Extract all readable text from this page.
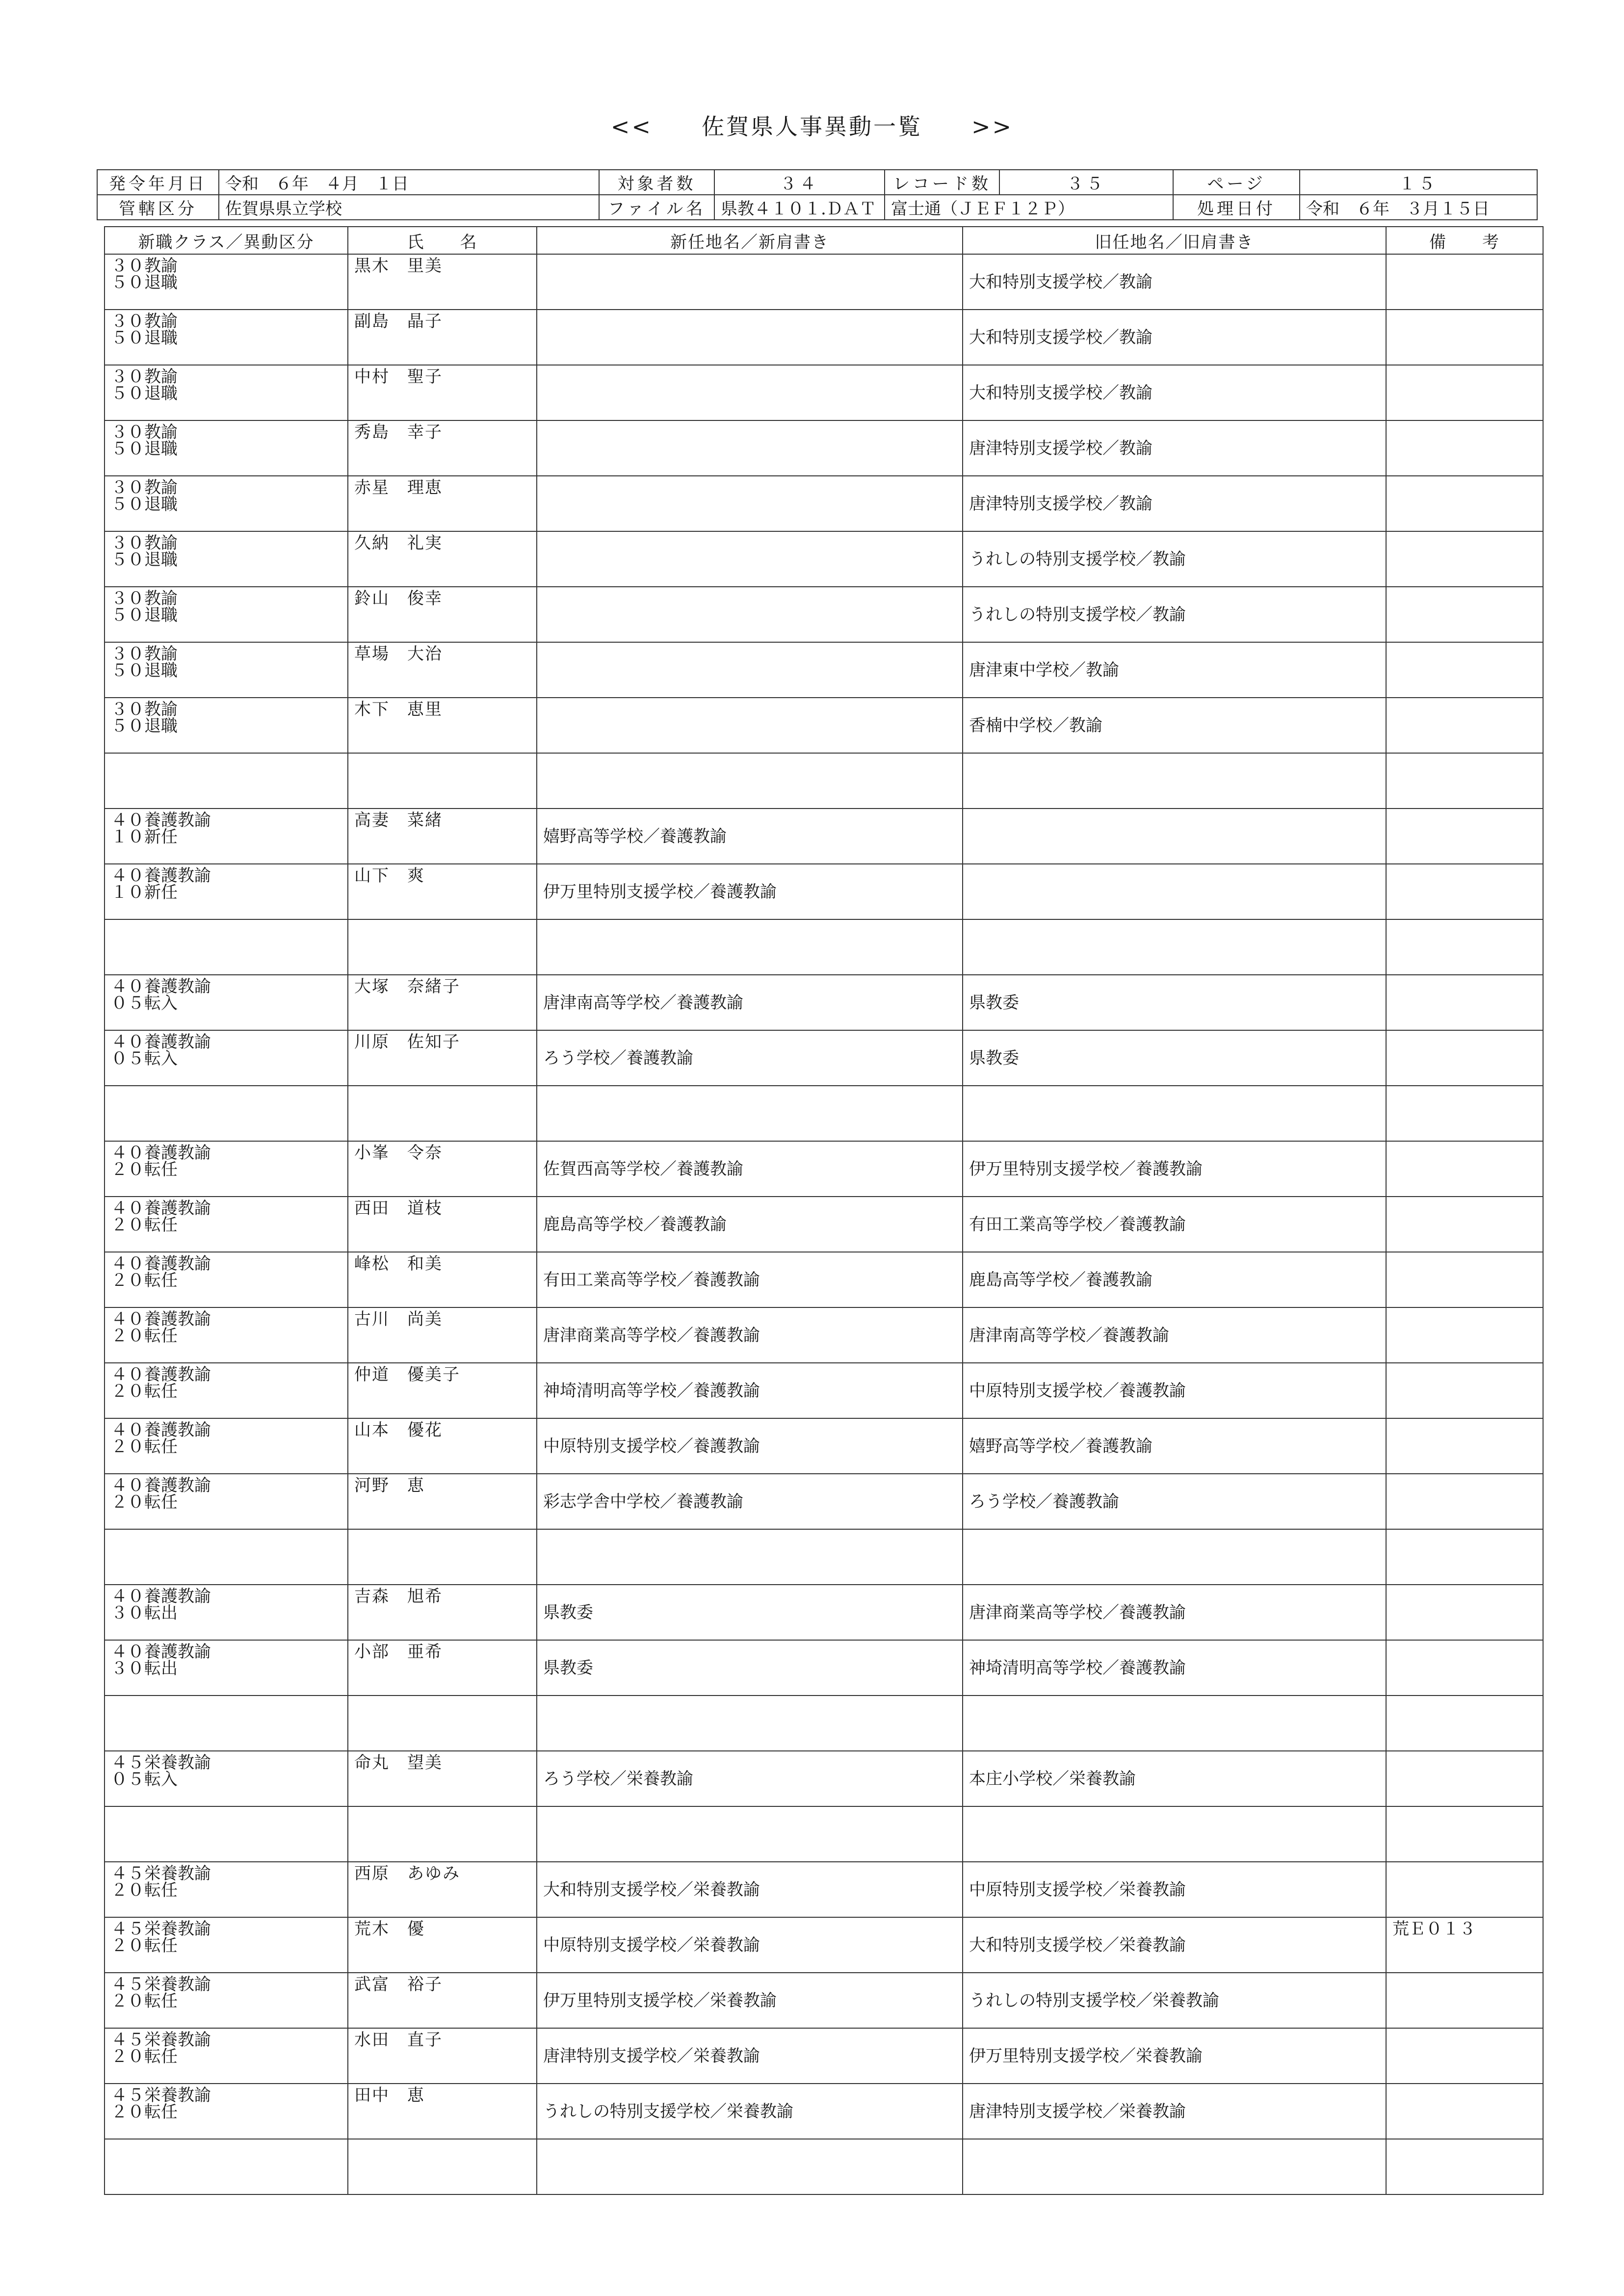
<<　　佐賀県人事異動一覧　　>>
発令年月日	令和　６年　４月　１日	対象者数	３４	レコード数	３５	ページ	１５
管轄区分	佐賀県県立学校	ファイル名	県教４１０１.ＤＡＴ	富士通（ＪＥＦ１２Ｐ）		処理日付	令和　６年　３月１５日
新職クラス／異動区分	氏　　名	新任地名／新肩書き	旧任地名／旧肩書き	備　　考

３０教諭
５０退職	黒木　里美		大和特別支援学校／教諭	

３０教諭
５０退職	副島　晶子		大和特別支援学校／教諭	

３０教諭
５０退職	中村　聖子		大和特別支援学校／教諭	

３０教諭
５０退職	秀島　幸子		唐津特別支援学校／教諭	

３０教諭
５０退職	赤星　理恵		唐津特別支援学校／教諭	

３０教諭
５０退職	久納　礼実		うれしの特別支援学校／教諭	

３０教諭
５０退職	鈴山　俊幸		うれしの特別支援学校／教諭	

３０教諭
５０退職	草場　大治		唐津東中学校／教諭	

３０教諭
５０退職	木下　恵里		香楠中学校／教諭	

４０養護教諭
１０新任	高妻　菜緒	嬉野高等学校／養護教諭		

４０養護教諭
１０新任	山下　爽	伊万里特別支援学校／養護教諭		

４０養護教諭
０５転入	大塚　奈緒子	唐津南高等学校／養護教諭	県教委	

４０養護教諭
０５転入	川原　佐知子	ろう学校／養護教諭	県教委	

４０養護教諭
２０転任	小峯　令奈	佐賀西高等学校／養護教諭	伊万里特別支援学校／養護教諭	

４０養護教諭
２０転任	西田　道枝	鹿島高等学校／養護教諭	有田工業高等学校／養護教諭	

４０養護教諭
２０転任	峰松　和美	有田工業高等学校／養護教諭	鹿島高等学校／養護教諭	

４０養護教諭
２０転任	古川　尚美	唐津商業高等学校／養護教諭	唐津南高等学校／養護教諭	

４０養護教諭
２０転任	仲道　優美子	神埼清明高等学校／養護教諭	中原特別支援学校／養護教諭	

４０養護教諭
２０転任	山本　優花	中原特別支援学校／養護教諭	嬉野高等学校／養護教諭	

４０養護教諭
２０転任	河野　恵	彩志学舎中学校／養護教諭	ろう学校／養護教諭	

４０養護教諭
３０転出	吉森　旭希	県教委	唐津商業高等学校／養護教諭	

４０養護教諭
３０転出	小部　亜希	県教委	神埼清明高等学校／養護教諭	

４５栄養教諭
０５転入	命丸　望美	ろう学校／栄養教諭	本庄小学校／栄養教諭	

４５栄養教諭
２０転任	西原　あゆみ	大和特別支援学校／栄養教諭	中原特別支援学校／栄養教諭	

４５栄養教諭
２０転任	荒木　優	中原特別支援学校／栄養教諭	大和特別支援学校／栄養教諭	荒Ｅ０１３

４５栄養教諭
２０転任	武富　裕子	伊万里特別支援学校／栄養教諭	うれしの特別支援学校／栄養教諭	

４５栄養教諭
２０転任	水田　直子	唐津特別支援学校／栄養教諭	伊万里特別支援学校／栄養教諭	

４５栄養教諭
２０転任	田中　恵	うれしの特別支援学校／栄養教諭	唐津特別支援学校／栄養教諭	
